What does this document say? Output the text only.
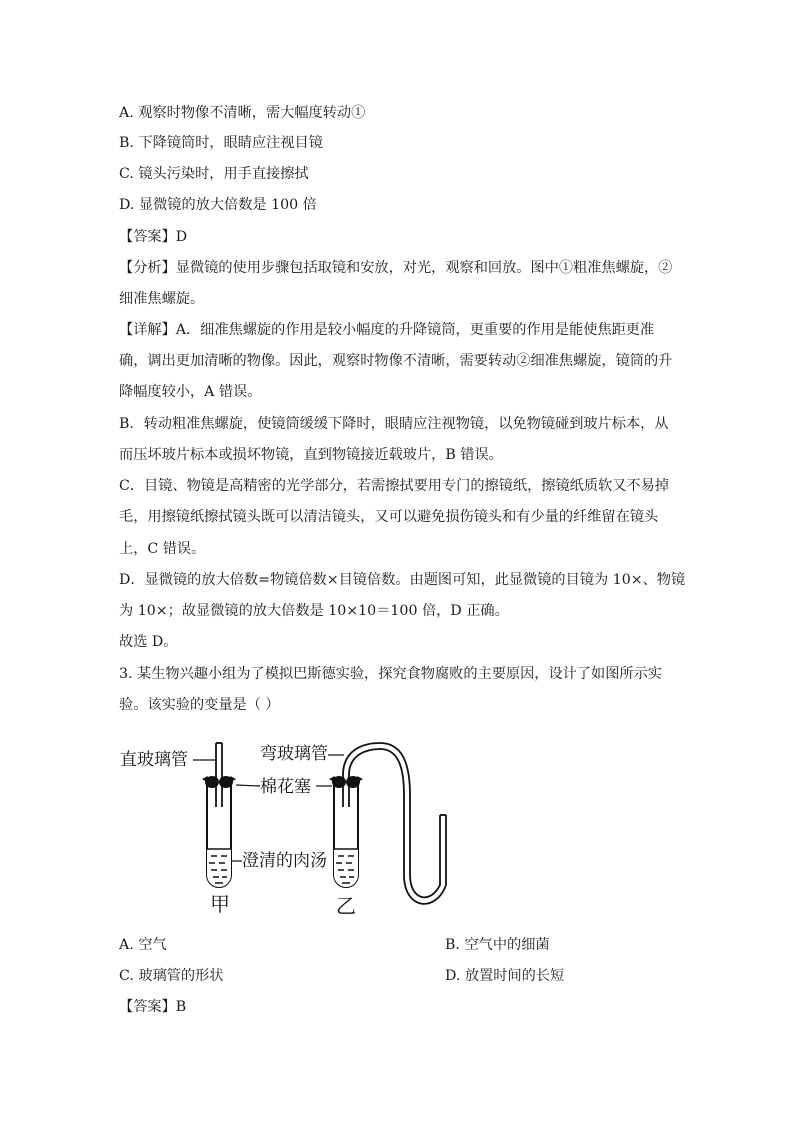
A. 观察时物像不清晰，需大幅度转动①
B. 下降镜筒时，眼睛应注视目镜
C. 镜头污染时，用手直接擦拭
D. 显微镜的放大倍数是 100 倍
【答案】D
【分析】显微镜的使用步骤包括取镜和安放，对光，观察和回放。图中①粗准焦螺旋，②
细准焦螺旋。
【详解】A．细准焦螺旋的作用是较小幅度的升降镜筒，更重要的作用是能使焦距更准
确，调出更加清晰的物像。因此，观察时物像不清晰，需要转动②细准焦螺旋，镜筒的升
降幅度较小，A 错误。
B．转动粗准焦螺旋，使镜筒缓缓下降时，眼睛应注视物镜，以免物镜碰到玻片标本，从
而压坏玻片标本或损坏物镜，直到物镜接近载玻片，B 错误。
C．目镜、物镜是高精密的光学部分，若需擦拭要用专门的擦镜纸，擦镜纸质软又不易掉
毛，用擦镜纸擦拭镜头既可以清洁镜头，又可以避免损伤镜头和有少量的纤维留在镜头
上，C 错误。
D．显微镜的放大倍数=物镜倍数×目镜倍数。由题图可知，此显微镜的目镜为 10×、物镜
为 10×；故显微镜的放大倍数是 10×10＝100 倍，D 正确。
故选 D。
3. 某生物兴趣小组为了模拟巴斯德实验，探究食物腐败的主要原因，设计了如图所示实
验。该实验的变量是（ ）
直玻璃管	弯玻璃管
棉花塞
澄清的肉汤
甲	乙
A. 空气	B. 空气中的细菌
C. 玻璃管的形状	D. 放置时间的长短
【答案】B
